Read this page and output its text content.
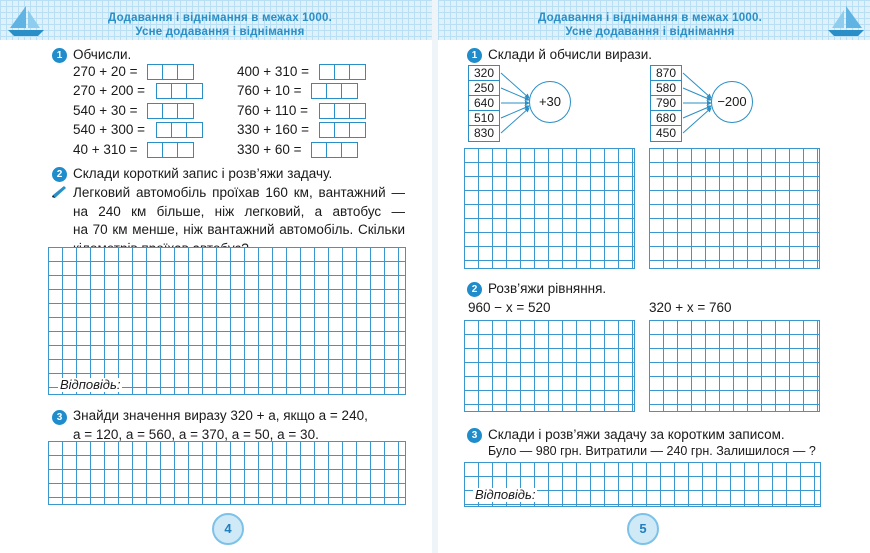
Додавання і віднімання в межах 1000.
Усне додавання і віднімання
Додавання і віднімання в межах 1000.
Усне додавання і віднімання
1 Обчисли.
270 + 20 =
270 + 200 =
540 + 30 =
540 + 300 =
40 + 310 =
400 + 310 =
760 + 10 =
760 + 110 =
330 + 160 =
330 + 60 =
2 Склади короткий запис і розв’яжи задачу.
Легковий автомобіль проїхав 160 км, вантажний —
на 240 км більше, ніж легковий, а автобус —
на 70 км менше, ніж вантажний автомобіль. Скільки
Відповідь:
3 Знайди значення виразу 320 + а, якщо а = 240,
а = 120, а = 560, а = 370, а = 50, а = 30.
4
1 Склади й обчисли вирази.
320
250
640
510
830
+30
870
580
790
680
450
−200
2 Розв’яжи рівняння.
960 − x = 520	320 + x = 760
3 Склади і розв’яжи задачу за коротким записом.
Було — 980 грн. Витратили — 240 грн. Залишилося — ?
Відповідь:
5
